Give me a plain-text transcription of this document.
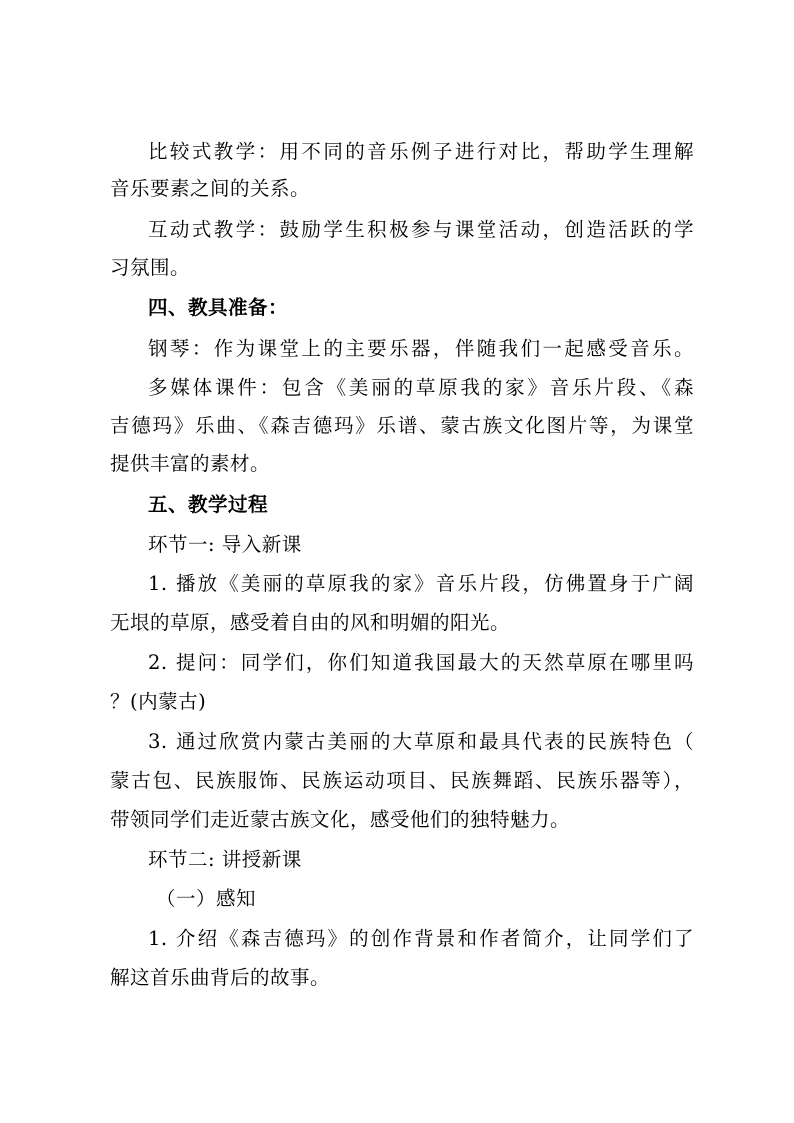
比较式教学：用不同的音乐例子进行对比，帮助学生理解
音乐要素之间的关系。
互动式教学：鼓励学生积极参与课堂活动，创造活跃的学
习氛围。
四、教具准备：
钢琴：作为课堂上的主要乐器，伴随我们一起感受音乐。
多媒体课件：包含《美丽的草原我的家》音乐片段、《森
吉德玛》乐曲、《森吉德玛》乐谱、蒙古族文化图片等，为课堂
提供丰富的素材。
五、教学过程
环节一: 导入新课
1. 播放《美丽的草原我的家》音乐片段，仿佛置身于广阔
无垠的草原，感受着自由的风和明媚的阳光。
2. 提问：同学们，你们知道我国最大的天然草原在哪里吗
？(内蒙古)
3. 通过欣赏内蒙古美丽的大草原和最具代表的民族特色（
蒙古包、民族服饰、民族运动项目、民族舞蹈、民族乐器等），
带领同学们走近蒙古族文化，感受他们的独特魅力。
环节二: 讲授新课
（一）感知
1. 介绍《森吉德玛》的创作背景和作者简介，让同学们了
解这首乐曲背后的故事。
